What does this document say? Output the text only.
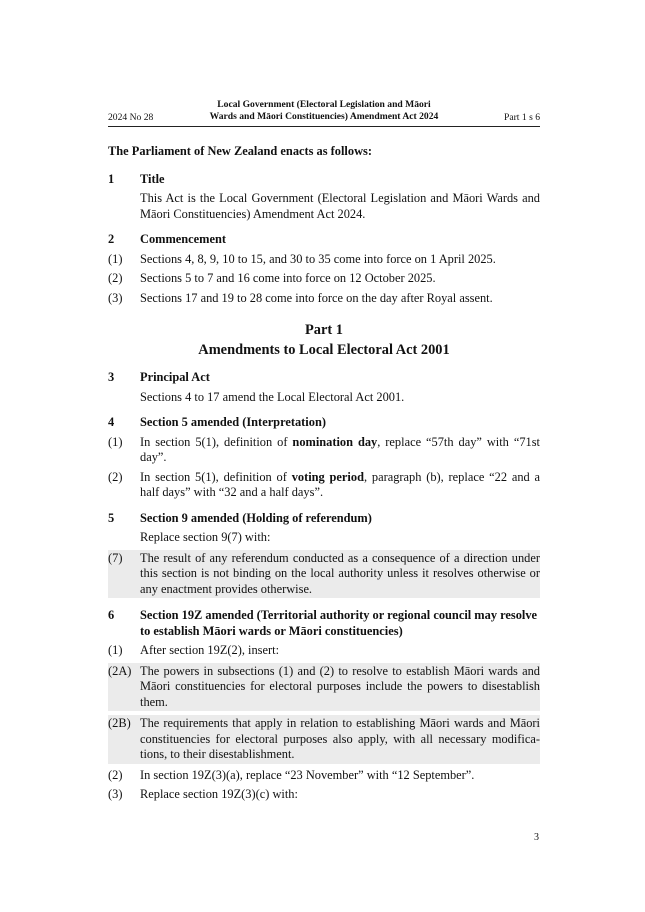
Local Government (Electoral Legislation and Māori
Wards and Māori Constituencies) Amendment Act 2024
2024 No 28	Part 1 s 6
The Parliament of New Zealand enacts as follows:
1	Title
This Act is the Local Government (Electoral Legislation and Māori Wards and Māori Constituencies) Amendment Act 2024.
2	Commencement
(1)	Sections 4, 8, 9, 10 to 15, and 30 to 35 come into force on 1 April 2025.
(2)	Sections 5 to 7 and 16 come into force on 12 October 2025.
(3)	Sections 17 and 19 to 28 come into force on the day after Royal assent.
Part 1
Amendments to Local Electoral Act 2001
3	Principal Act
Sections 4 to 17 amend the Local Electoral Act 2001.
4	Section 5 amended (Interpretation)
(1)	In section 5(1), definition of nomination day, replace “57th day” with “71st day”.
(2)	In section 5(1), definition of voting period, paragraph (b), replace “22 and a half days” with “32 and a half days”.
5	Section 9 amended (Holding of referendum)
Replace section 9(7) with:
(7)	The result of any referendum conducted as a consequence of a direction under this section is not binding on the local authority unless it resolves otherwise or any enactment provides otherwise.
6	Section 19Z amended (Territorial authority or regional council may resolve to establish Māori wards or Māori constituencies)
(1)	After section 19Z(2), insert:
(2A) The powers in subsections (1) and (2) to resolve to establish Māori wards and Māori constituencies for electoral purposes include the powers to disestablish them.
(2B) The requirements that apply in relation to establishing Māori wards and Māori constituencies for electoral purposes also apply, with all necessary modifications, to their disestablishment.
(2)	In section 19Z(3)(a), replace “23 November” with “12 September”.
(3)	Replace section 19Z(3)(c) with:
3
